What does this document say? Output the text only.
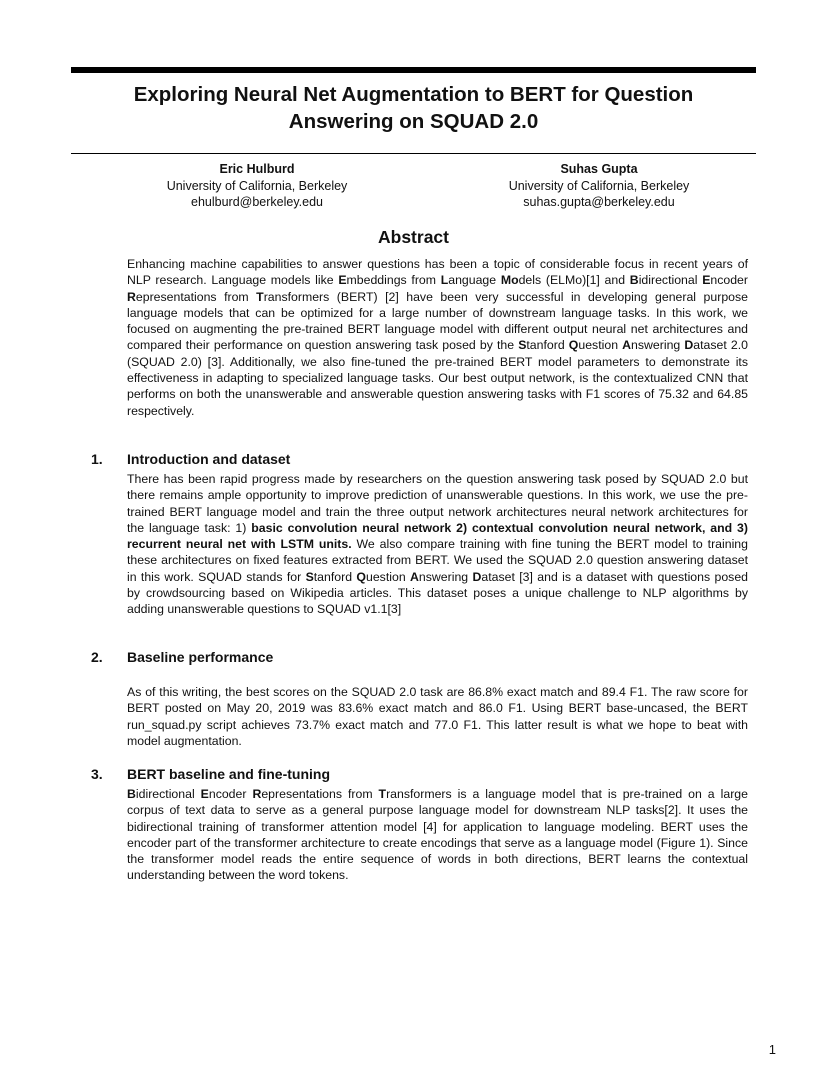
Exploring Neural Net Augmentation to BERT for Question
Answering on SQUAD 2.0
Eric Hulburd
University of California, Berkeley
ehulburd@berkeley.edu
Suhas Gupta
University of California, Berkeley
suhas.gupta@berkeley.edu
Abstract

Enhancing machine capabilities to answer questions has been a topic of considerable focus in recent years of NLP research. Language models like Embeddings from Language Models (ELMo)[1] and Bidirectional Encoder Representations from Transformers (BERT) [2] have been very successful in developing general purpose language models that can be optimized for a large number of downstream language tasks. In this work, we focused on augmenting the pre-trained BERT language model with different output neural net architectures and compared their performance on question answering task posed by the Stanford Question Answering Dataset 2.0 (SQUAD 2.0) [3]. Additionally, we also fine-tuned the pre-trained BERT model parameters to demonstrate its effectiveness in adapting to specialized language tasks. Our best output network, is the contextualized CNN that performs on both the unanswerable and answerable question answering tasks with F1 scores of 75.32 and 64.85 respectively.

1. Introduction and dataset

There has been rapid progress made by researchers on the question answering task posed by SQUAD 2.0 but there remains ample opportunity to improve prediction of unanswerable questions. In this work, we use the pre-trained BERT language model and train the three output network architectures neural network architectures for the language task: 1) basic convolution neural network 2) contextual convolution neural network, and 3) recurrent neural net with LSTM units. We also compare training with fine tuning the BERT model to training these architectures on fixed features extracted from BERT. We used the SQUAD 2.0 question answering dataset in this work. SQUAD stands for Stanford Question Answering Dataset [3] and is a dataset with questions posed by crowdsourcing based on Wikipedia articles. This dataset poses a unique challenge to NLP algorithms by adding unanswerable questions to SQUAD v1.1[3]

2. Baseline performance

As of this writing, the best scores on the SQUAD 2.0 task are 86.8% exact match and 89.4 F1. The raw score for BERT posted on May 20, 2019 was 83.6% exact match and 86.0 F1. Using BERT base-uncased, the BERT run_squad.py script achieves 73.7% exact match and 77.0 F1. This latter result is what we hope to beat with model augmentation.

3. BERT baseline and fine-tuning

Bidirectional Encoder Representations from Transformers is a language model that is pre-trained on a large corpus of text data to serve as a general purpose language model for downstream NLP tasks[2]. It uses the bidirectional training of transformer attention model [4] for application to language modeling. BERT uses the encoder part of the transformer architecture to create encodings that serve as a language model (Figure 1). Since the transformer model reads the entire sequence of words in both directions, BERT learns the contextual understanding between the word tokens.

1
